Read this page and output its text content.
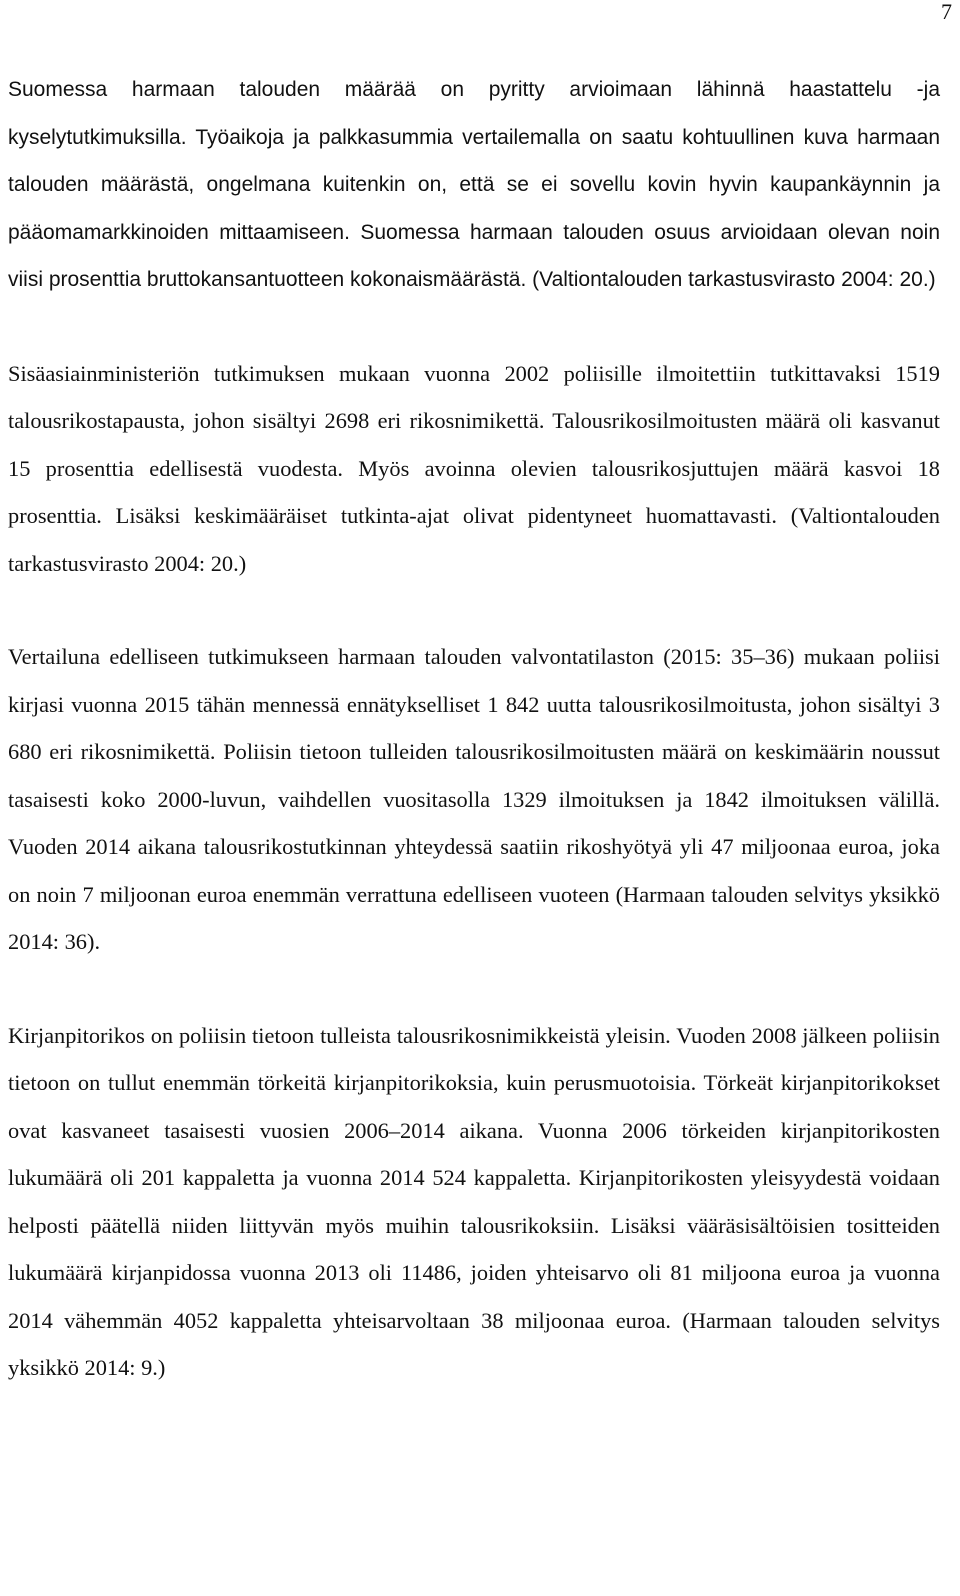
7

Suomessa harmaan talouden määrää on pyritty arvioimaan lähinnä haastattelu -ja kyselytutkimuksilla. Työaikoja ja palkkasummia vertailemalla on saatu kohtuullinen kuva harmaan talouden määrästä, ongelmana kuitenkin on, että se ei sovellu kovin hyvin kaupankäynnin ja pääomamarkkinoiden mittaamiseen. Suomessa harmaan talouden osuus arvioidaan olevan noin viisi prosenttia bruttokansantuotteen kokonaismäärästä. (Valtiontalouden tarkastusvirasto 2004: 20.)

Sisäasiainministeriön tutkimuksen mukaan vuonna 2002 poliisille ilmoitettiin tutkittavaksi 1519 talousrikostapausta, johon sisältyi 2698 eri rikosnimikettä. Talousrikosilmoitusten määrä oli kasvanut 15 prosenttia edellisestä vuodesta. Myös avoinna olevien talousrikosjuttujen määrä kasvoi 18 prosenttia. Lisäksi keskimääräiset tutkinta-ajat olivat pidentyneet huomattavasti. (Valtiontalouden tarkastusvirasto 2004: 20.)

Vertailuna edelliseen tutkimukseen harmaan talouden valvontatilaston (2015: 35–36) mukaan poliisi kirjasi vuonna 2015 tähän mennessä ennätykselliset 1 842 uutta talousrikosilmoitusta, johon sisältyi 3 680 eri rikosnimikettä. Poliisin tietoon tulleiden talousrikosilmoitusten määrä on keskimäärin noussut tasaisesti koko 2000-luvun, vaihdellen vuositasolla 1329 ilmoituksen ja 1842 ilmoituksen välillä. Vuoden 2014 aikana talousrikostutkinnan yhteydessä saatiin rikoshyötyä yli 47 miljoonaa euroa, joka on noin 7 miljoonan euroa enemmän verrattuna edelliseen vuoteen (Harmaan talouden selvitys yksikkö 2014: 36).

Kirjanpitorikos on poliisin tietoon tulleista talousrikosnimikkeistä yleisin. Vuoden 2008 jälkeen poliisin tietoon on tullut enemmän törkeitä kirjanpitorikoksia, kuin perusmuotoisia. Törkeät kirjanpitorikokset ovat kasvaneet tasaisesti vuosien 2006–2014 aikana. Vuonna 2006 törkeiden kirjanpitorikosten lukumäärä oli 201 kappaletta ja vuonna 2014 524 kappaletta. Kirjanpitorikosten yleisyydestä voidaan helposti päätellä niiden liittyvän myös muihin talousrikoksiin. Lisäksi vääräsisältöisien tositteiden lukumäärä kirjanpidossa vuonna 2013 oli 11486, joiden yhteisarvo oli 81 miljoona euroa ja vuonna 2014 vähemmän 4052 kappaletta yhteisarvoltaan 38 miljoonaa euroa. (Harmaan talouden selvitys yksikkö 2014: 9.)
